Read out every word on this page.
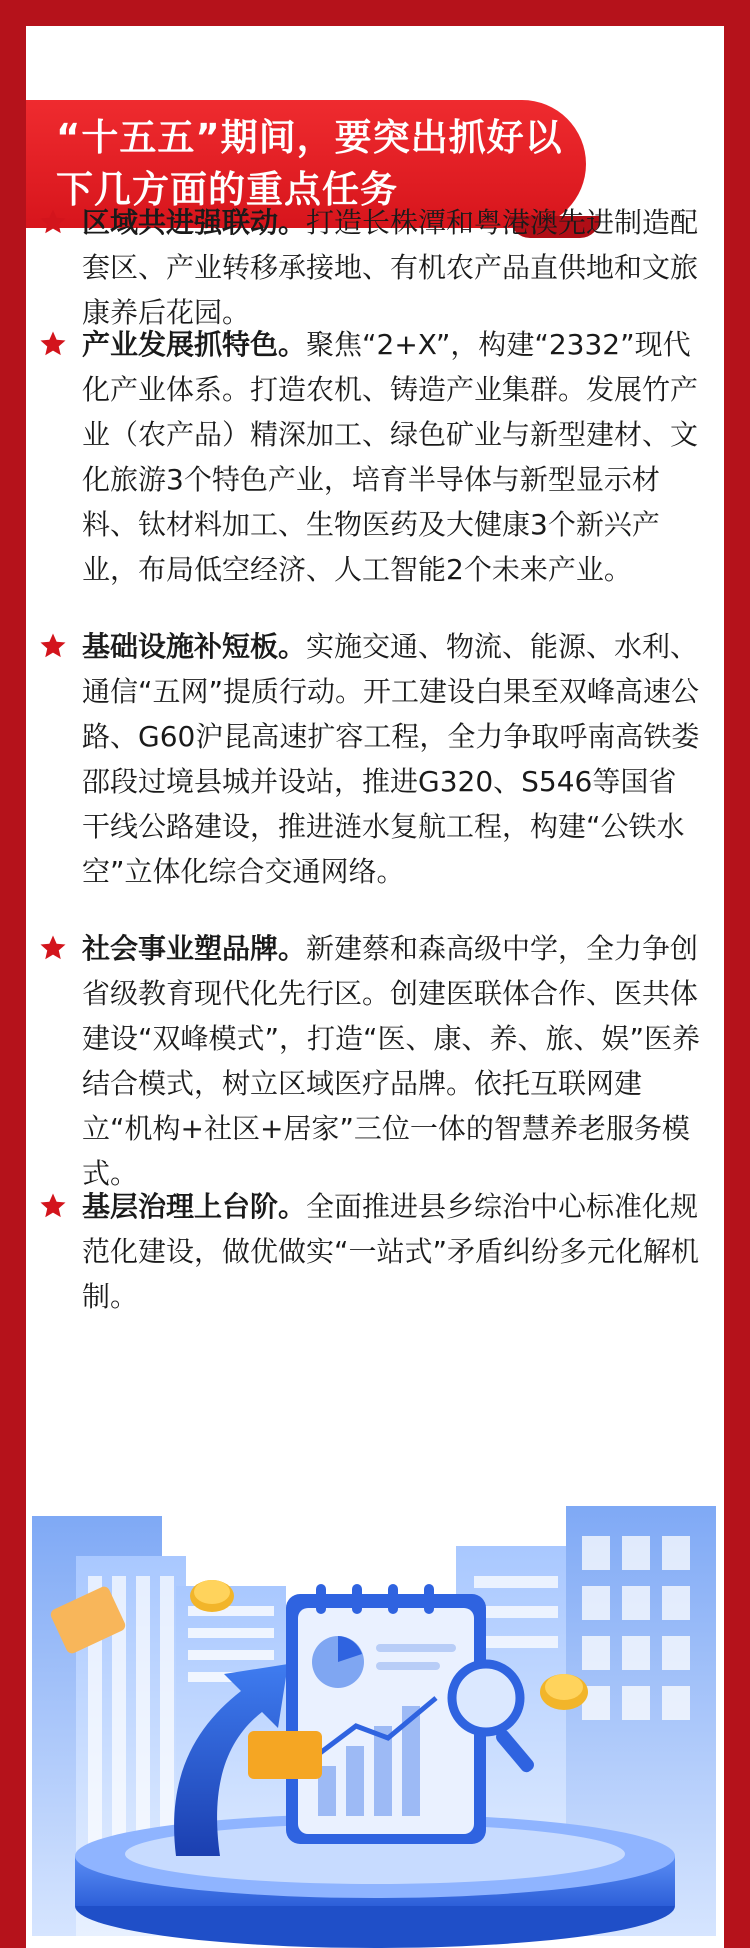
“十五五”期间，要突出抓好以下几方面的重点任务
区域共进强联动。打造长株潭和粤港澳先进制造配套区、产业转移承接地、有机农产品直供地和文旅康养后花园。
产业发展抓特色。聚焦“2+X”，构建“2332”现代化产业体系。打造农机、铸造产业集群。发展竹产业（农产品）精深加工、绿色矿业与新型建材、文化旅游3个特色产业，培育半导体与新型显示材料、钛材料加工、生物医药及大健康3个新兴产业，布局低空经济、人工智能2个未来产业。
基础设施补短板。实施交通、物流、能源、水利、通信“五网”提质行动。开工建设白果至双峰高速公路、G60沪昆高速扩容工程，全力争取呼南高铁娄邵段过境县城并设站，推进G320、S546等国省干线公路建设，推进涟水复航工程，构建“公铁水空”立体化综合交通网络。
社会事业塑品牌。新建蔡和森高级中学，全力争创省级教育现代化先行区。创建医联体合作、医共体建设“双峰模式”，打造“医、康、养、旅、娱”医养结合模式，树立区域医疗品牌。依托互联网建立“机构+社区+居家”三位一体的智慧养老服务模式。
基层治理上台阶。全面推进县乡综治中心标准化规范化建设，做优做实“一站式”矛盾纠纷多元化解机制。
